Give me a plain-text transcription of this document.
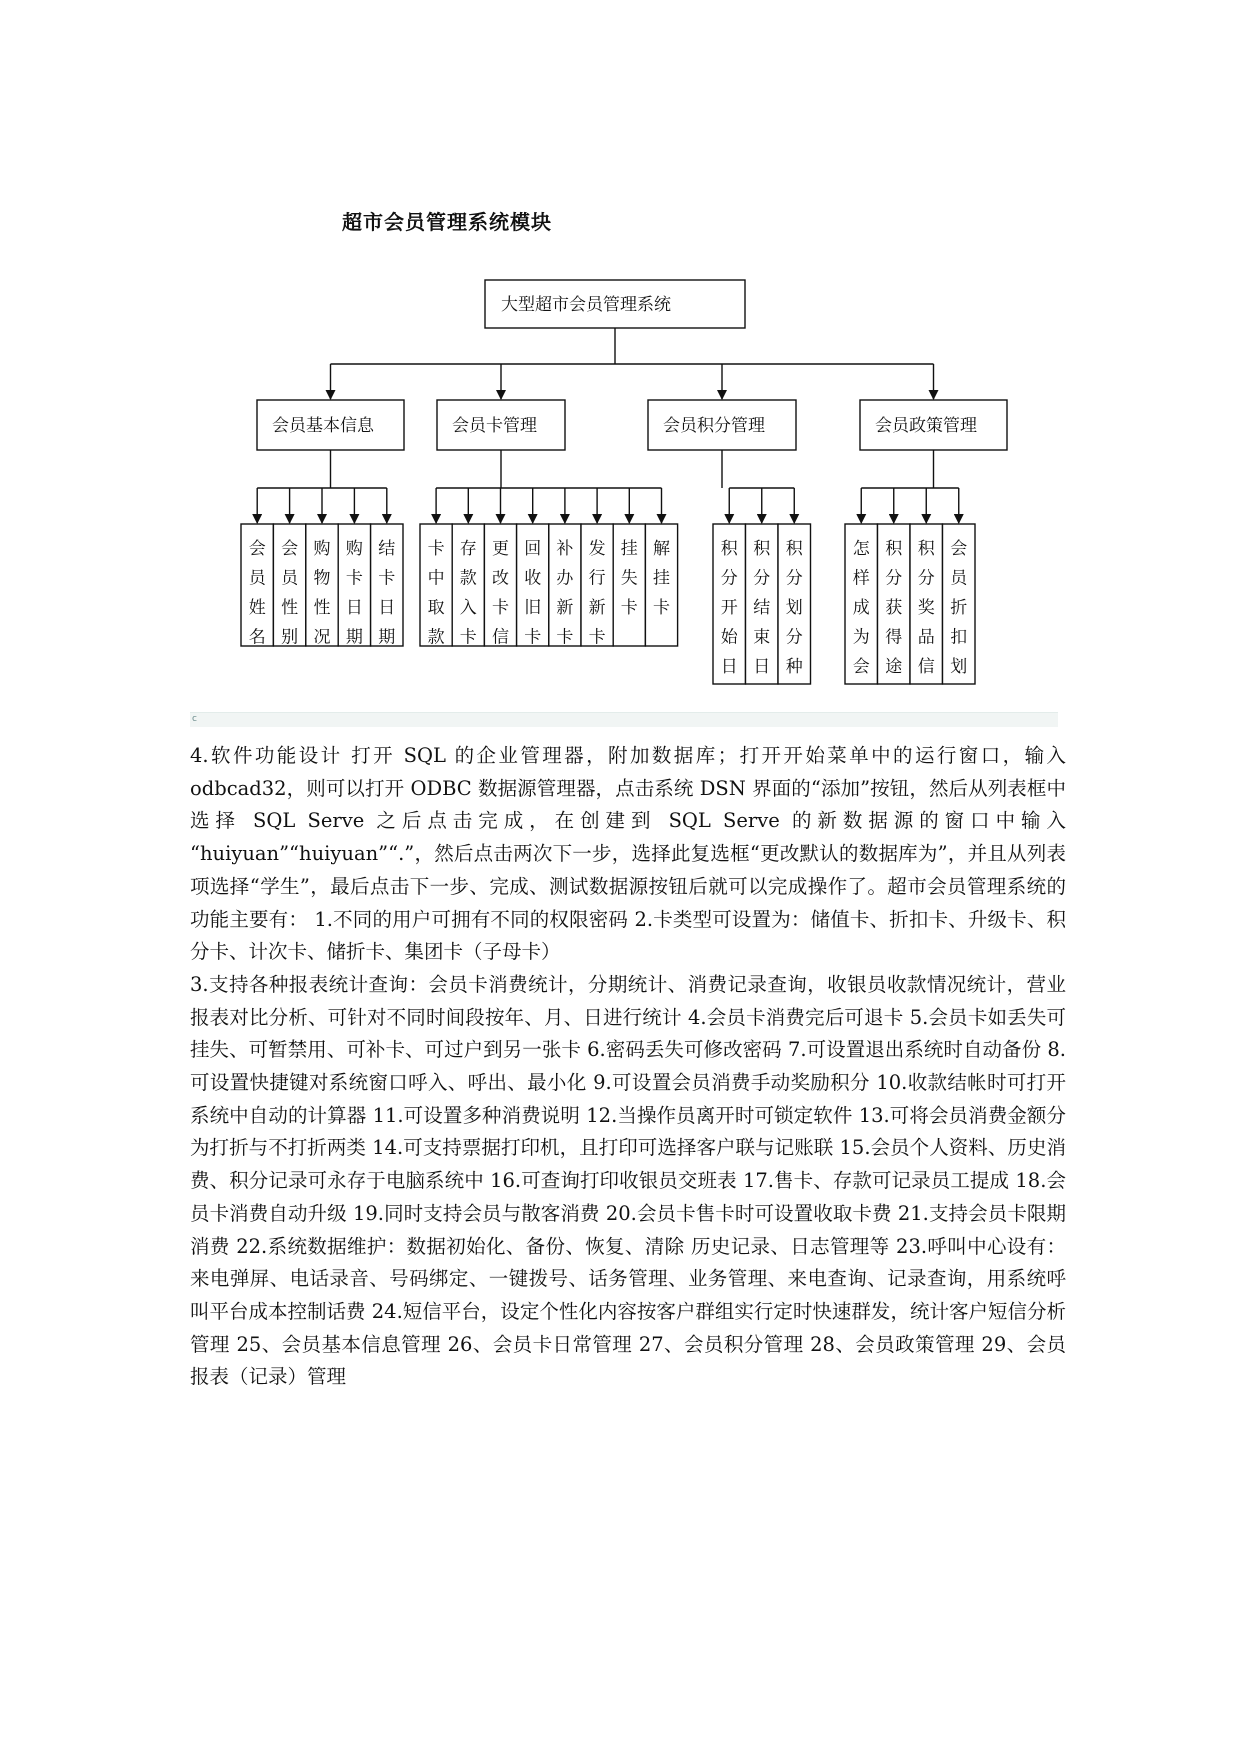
超市会员管理系统模块
大型超市会员管理系统
会员基本信息
会员姓名
会员性别
购物性况
购卡日期
结卡日期
会员卡管理
卡中取款
存款入卡
更改卡信
回收旧卡
补办新卡
发行新卡
挂失卡
解挂卡
会员积分管理
积分开始日
积分结束日
积分划分种
会员政策管理
怎样成为会
积分获得途
积分奖品信
会员折扣划
ⅽ

4.软件功能设计 打开 SQL 的企业管理器，附加数据库；打开开始菜单中的运行窗口，输入 odbcad32，则可以打开 ODBC 数据源管理器，点击系统 DSN 界面的“添加”按钮，然后从列表框中选择 SQL Serve 之后点击完成，在创建到 SQL Serve 的新数据源的窗口中输入 “huiyuan”“huiyuan”“.”，然后点击两次下一步，选择此复选框“更改默认的数据库为”，并且从列表项选择“学生”，最后点击下一步、完成、测试数据源按钮后就可以完成操作了。超市会员管理系统的功能主要有： 1.不同的用户可拥有不同的权限密码 2.卡类型可设置为：储值卡、折扣卡、升级卡、积分卡、计次卡、储折卡、集团卡（子母卡）

3.支持各种报表统计查询：会员卡消费统计，分期统计、消费记录查询，收银员收款情况统计，营业报表对比分析、可针对不同时间段按年、月、日进行统计 4.会员卡消费完后可退卡 5.会员卡如丢失可挂失、可暂禁用、可补卡、可过户到另一张卡 6.密码丢失可修改密码 7.可设置退出系统时自动备份 8.可设置快捷键对系统窗口呼入、呼出、最小化 9.可设置会员消费手动奖励积分 10.收款结帐时可打开系统中自动的计算器 11.可设置多种消费说明 12.当操作员离开时可锁定软件 13.可将会员消费金额分为打折与不打折两类 14.可支持票据打印机，且打印可选择客户联与记账联 15.会员个人资料、历史消费、积分记录可永存于电脑系统中 16.可查询打印收银员交班表 17.售卡、存款可记录员工提成 18.会员卡消费自动升级 19.同时支持会员与散客消费 20.会员卡售卡时可设置收取卡费 21.支持会员卡限期消费 22.系统数据维护：数据初始化、备份、恢复、清除 历史记录、日志管理等 23.呼叫中心设有：来电弹屏、电话录音、号码绑定、一键拨号、话务管理、业务管理、来电查询、记录查询，用系统呼叫平台成本控制话费 24.短信平台，设定个性化内容按客户群组实行定时快速群发，统计客户短信分析管理 25、会员基本信息管理 26、会员卡日常管理 27、会员积分管理 28、会员政策管理 29、会员报表（记录）管理
